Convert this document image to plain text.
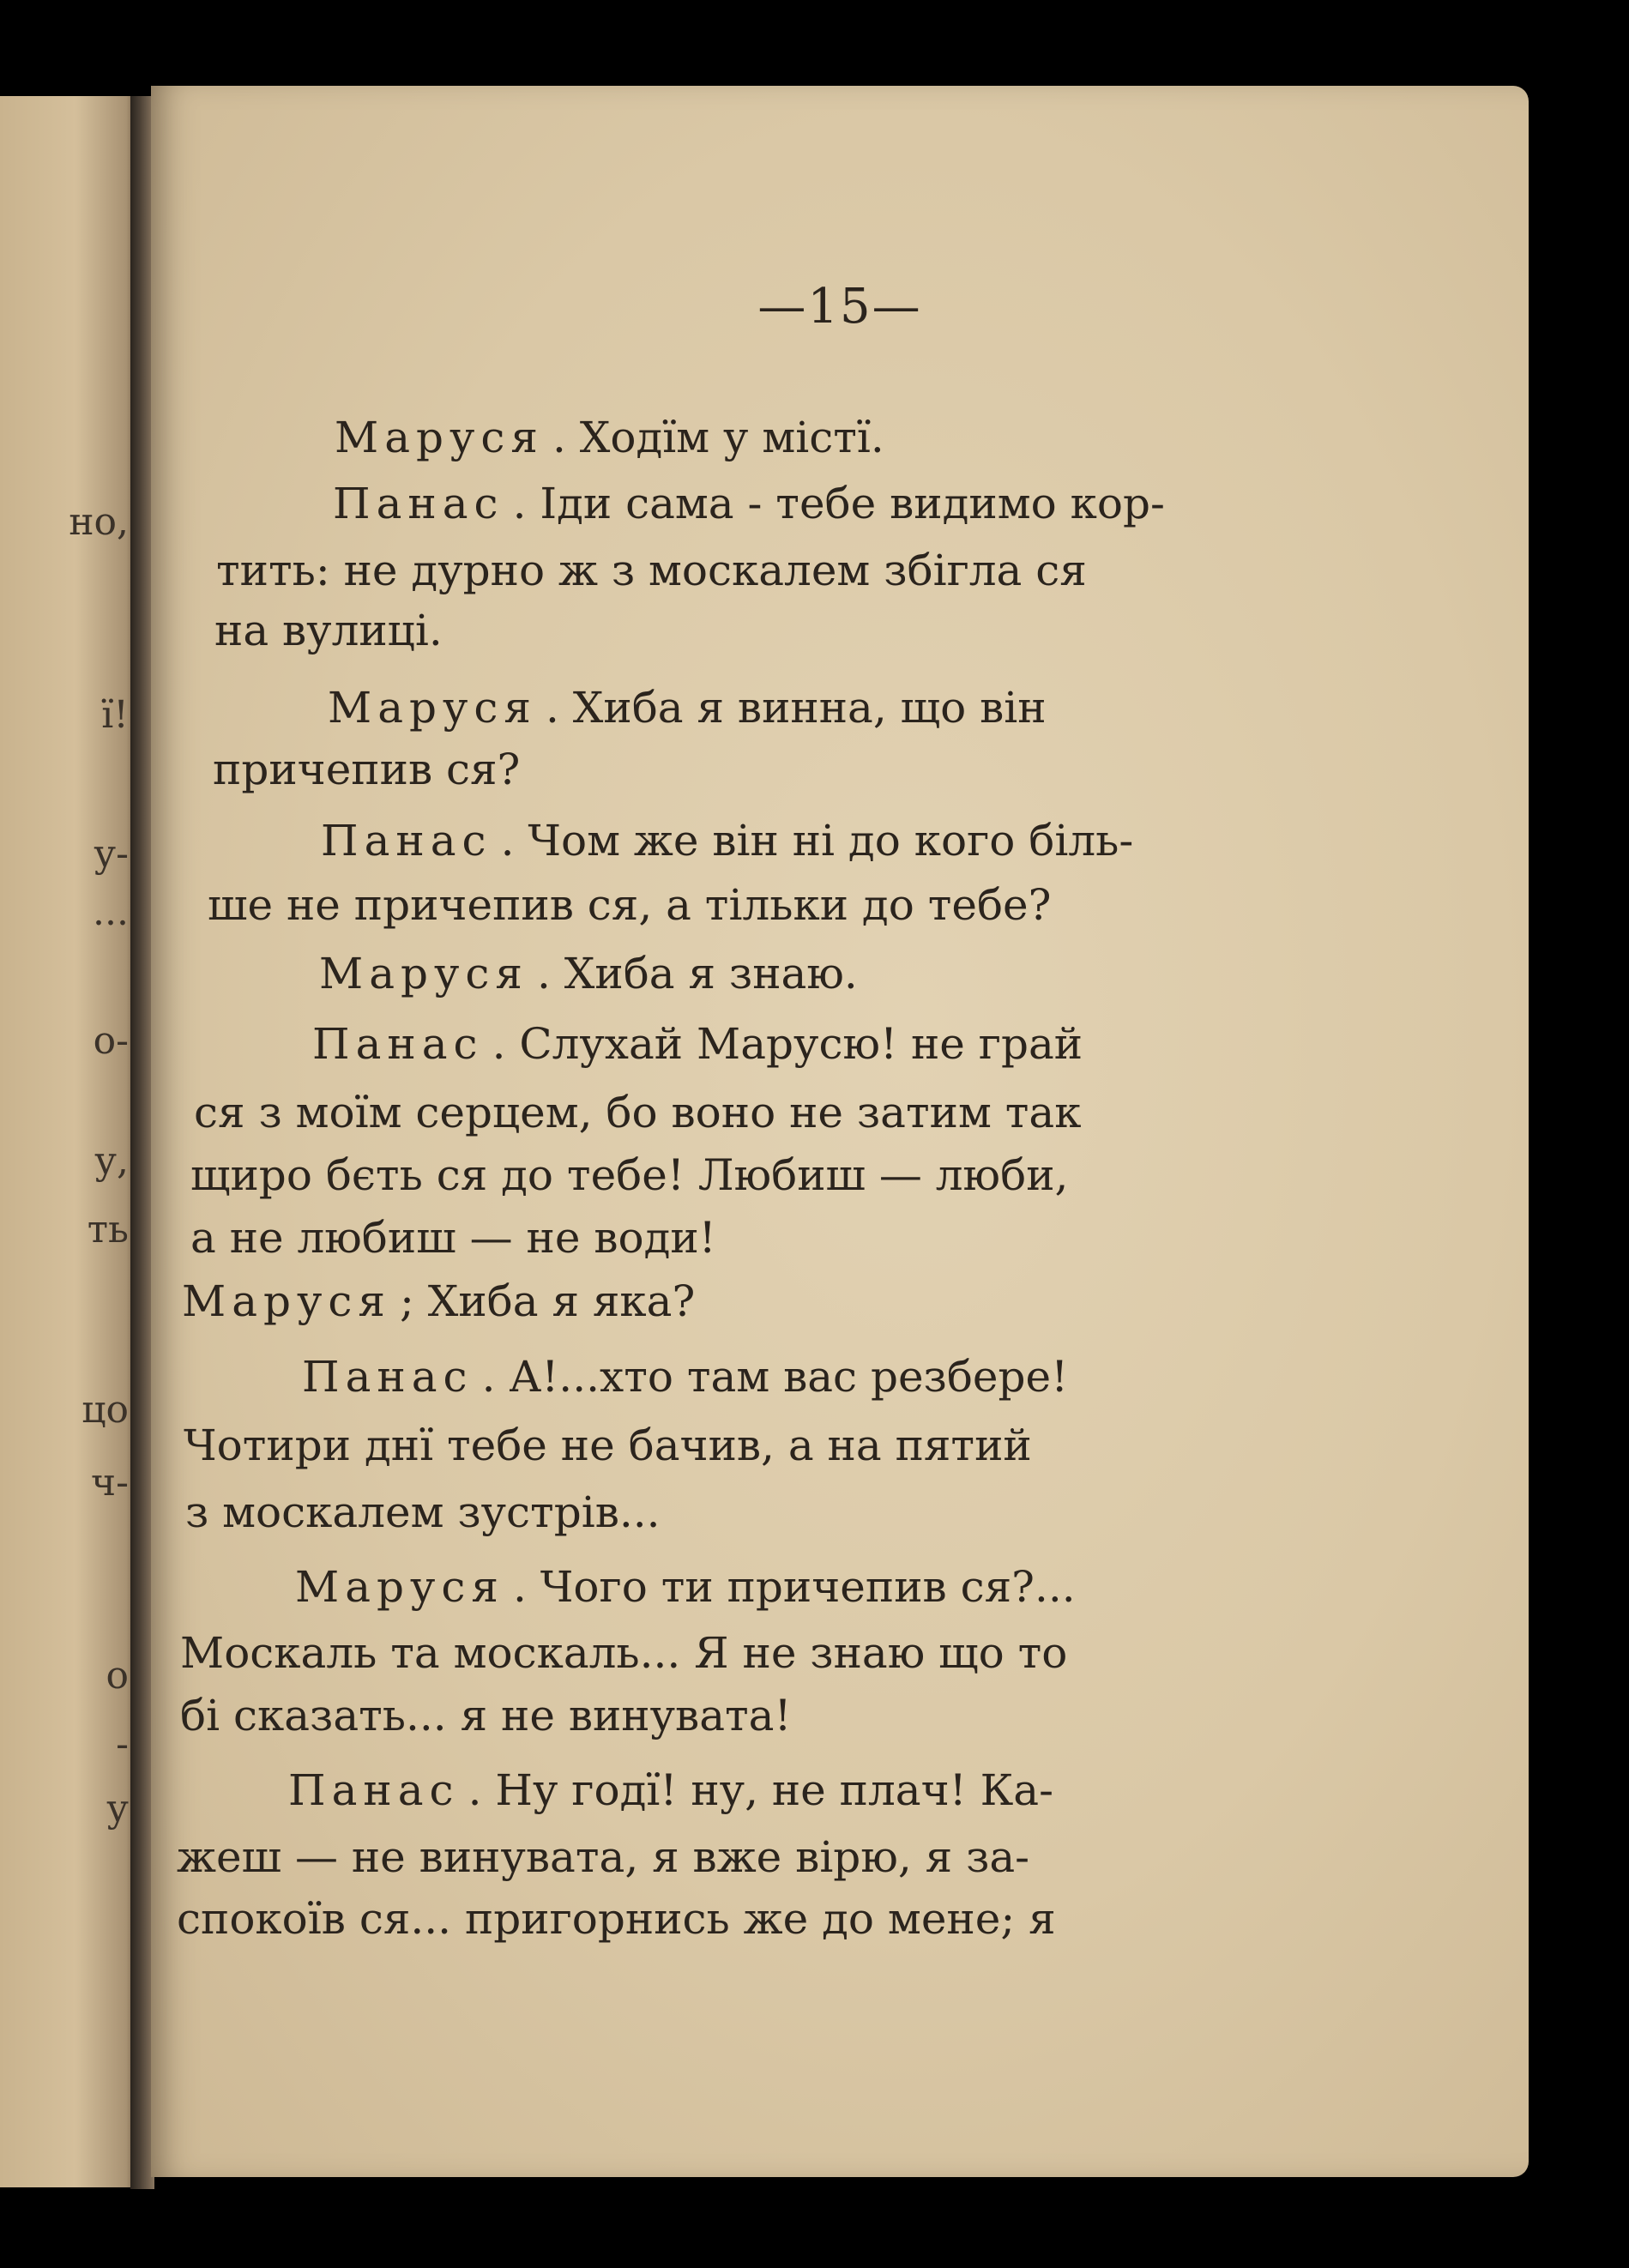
но,
ї!
у-
...
о-
у,
ть
цо
ч-
о
-
у
—15—
Маруся . Ходїм у містї.
Панас . Іди сама - тебе видимо кор-
тить: не дурно ж з москалем збігла ся
на вулиці.
Маруся . Хиба я винна, що він
причепив ся?
Панас . Чом же він ні до кого біль-
ше не причепив ся, а тільки до тебе?
Маруся . Хиба я знаю.
Панас . Слухай Марусю! не грай
ся з моїм серцем, бо воно не затим так
щиро бєть ся до тебе! Любиш — люби,
а не любиш — не води!
Маруся ; Хиба я яка?
Панас . А!...хто там вас резбере!
Чотири днї тебе не бачив, а на пятий
з москалем зустрів...
Маруся . Чого ти причепив ся?...
Москаль та москаль... Я не знаю що то
бі сказать... я не винувата!
Панас . Ну годї! ну, не плач! Ка-
жеш — не винувата, я вже вірю, я за-
спокоїв ся... пригорнись же до мене; я
